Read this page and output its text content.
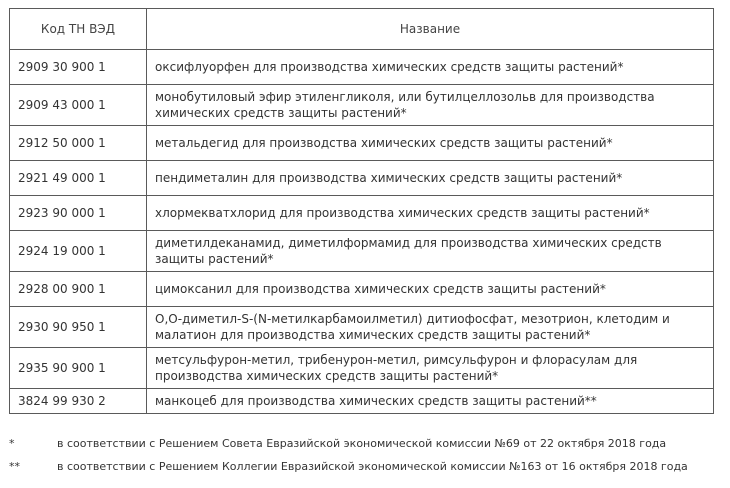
Код ТН ВЭД	Название
2909 30 900 1	оксифлуорфен для производства химических средств защиты растений*
2909 43 000 1	монобутиловый эфир этиленгликоля, или бутилцеллозольв для производства химических средств защиты растений*
2912 50 000 1	метальдегид для производства химических средств защиты растений*
2921 49 000 1	пендиметалин для производства химических средств защиты растений*
2923 90 000 1	хлормекватхлорид для производства химических средств защиты растений*
2924 19 000 1	диметилдеканамид, диметилформамид для производства химических средств защиты растений*
2928 00 900 1	цимоксанил для производства химических средств защиты растений*
2930 90 950 1	О,О-диметил-S-(N-метилкарбамоилметил) дитиофосфат, мезотрион, клетодим и малатион для производства химических средств защиты растений*
2935 90 900 1	метсульфурон-метил, трибенурон-метил, римсульфурон и флорасулам для производства химических средств защиты растений*
3824 99 930 2	манкоцеб для производства химических средств защиты растений**
*	в соответствии с Решением Совета Евразийской экономической комиссии №69 от 22 октября 2018 года
**	в соответствии с Решением Коллегии Евразийской экономической комиссии №163 от 16 октября 2018 года
